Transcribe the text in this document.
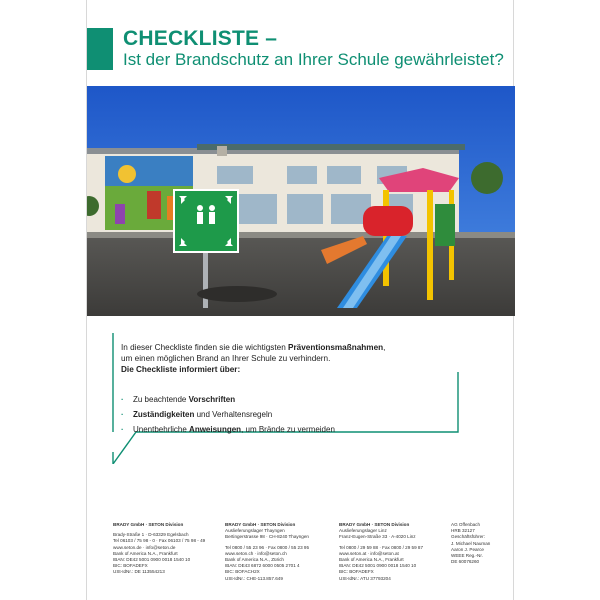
CHECKLISTE –
Ist der Brandschutz an Ihrer Schule gewährleistet?
In dieser Checkliste finden sie die wichtigsten Präventionsmaßnahmen,
um einen möglichen Brand an Ihrer Schule zu verhindern.
Die Checkliste informiert über:
· Zu beachtende Vorschriften
· Zuständigkeiten und Verhaltensregeln
· Unentbehrliche Anweisungen, um Brände zu vermeiden
BRADY GmbH · SETON Division
Brady-Straße 1 · D-63329 Egelsbach
Tel 06103 / 75 98 - 0 · Fax 06103 / 75 98 - 49
www.seton.de · info@seton.de
Bank of America N.A., Frankfurt
IBAN: DE42 5001 0900 0018 1540 10
BIC: BOFADEFX
USt-IdNr.: DE 113554213
BRADY GmbH · SETON Division
Auslieferungslager Thayngen
Bertingerstrasse 98 · CH-8240 Thayngen
Tel 0800 / 55 23 96 · Fax 0800 / 55 23 95
www.seton.ch · info@seton.ch
Bank of America N.A., Zürich
IBAN: DE43 6872 6000 0505 2701 4
BIC: BOFACH2X
USt-IdNr.: CHE-113.857.649
BRADY GmbH · SETON Division
Auslieferungslager Linz
Franz-Eugen-Straße 33 · A-4020 Linz
Tel 0800 / 29 59 88 · Fax 0800 / 29 59 87
www.seton.at · info@seton.at
Bank of America N.A., Frankfurt
IBAN: DE42 5001 0900 0018 1540 10
BIC: BOFADEFX
USt-IdNr.: ATU 37793204
AG Offenbach
HRB 32127
Geschäftsführer:
J. Michael Nauman
Aaron J. Pearce
WEEE Reg.-Nr.
DE 60076260
